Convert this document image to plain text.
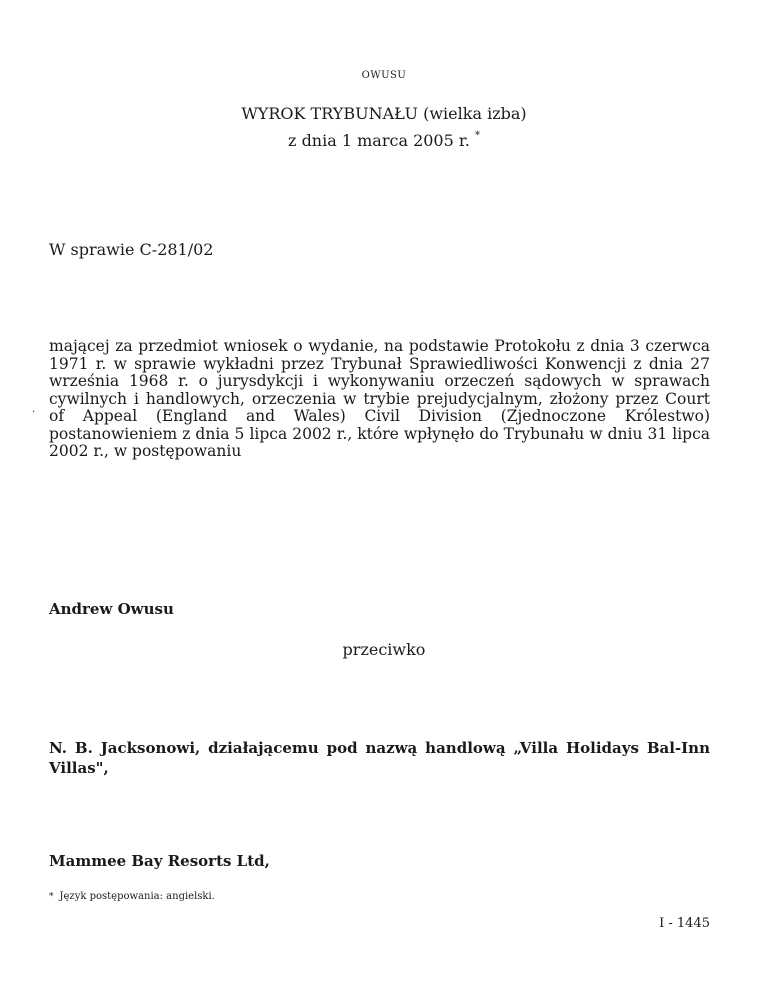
OWUSU
WYROK TRYBUNAŁU (wielka izba)
z dnia 1 marca 2005 r. *
W sprawie C-281/02
·
mającej za przedmiot wniosek o wydanie, na podstawie Protokołu z dnia 3 czerwca 1971 r. w sprawie wykładni przez Trybunał Sprawiedliwości Konwencji z dnia 27 września 1968 r. o jurysdykcji i wykonywaniu orzeczeń sądowych w sprawach cywilnych i handlowych, orzeczenia w trybie prejudycjalnym, złożony przez Court of Appeal (England and Wales) Civil Division (Zjednoczone Królestwo) postanowieniem z dnia 5 lipca 2002 r., które wpłynęło do Trybunału w dniu 31 lipca 2002 r., w postępowaniu
Andrew Owusu
przeciwko
N. B. Jacksonowi, działającemu pod nazwą handlową „Villa Holidays Bal-Inn Villas",
Mammee Bay Resorts Ltd,
* Język postępowania: angielski.
I - 1445
